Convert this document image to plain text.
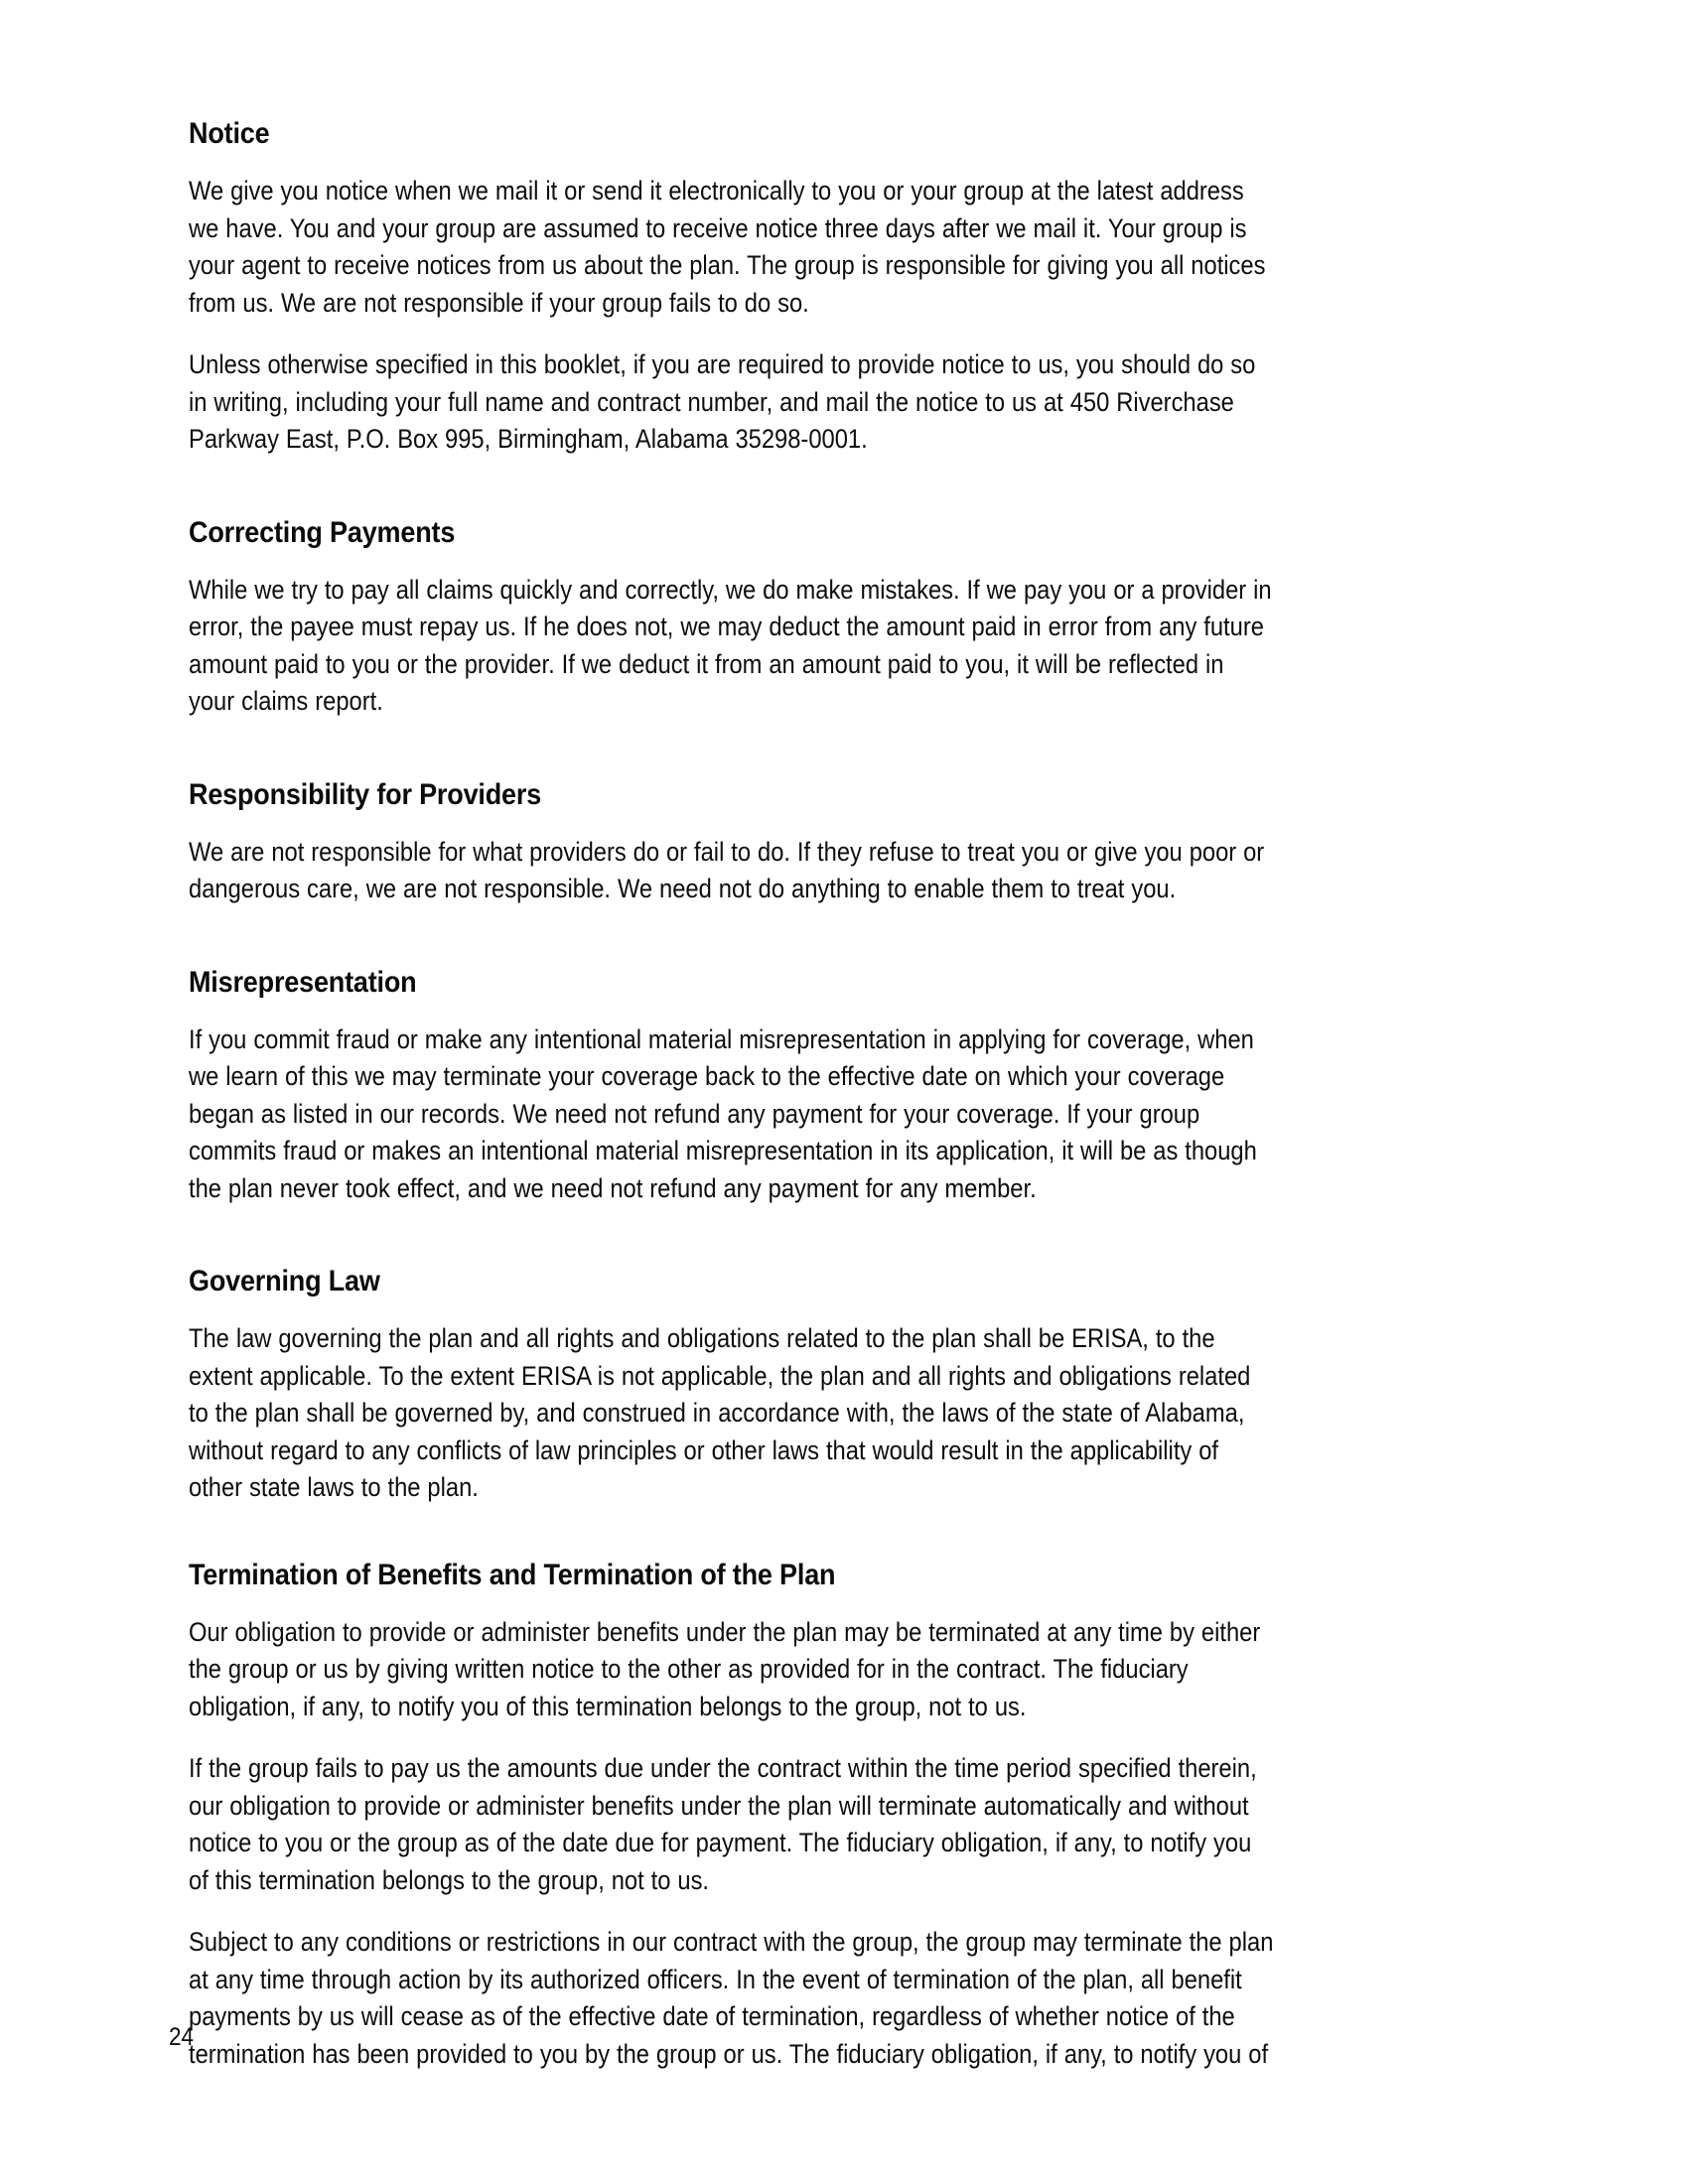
Notice

We give you notice when we mail it or send it electronically to you or your group at the latest address we have. You and your group are assumed to receive notice three days after we mail it. Your group is your agent to receive notices from us about the plan. The group is responsible for giving you all notices from us. We are not responsible if your group fails to do so.

Unless otherwise specified in this booklet, if you are required to provide notice to us, you should do so in writing, including your full name and contract number, and mail the notice to us at 450 Riverchase Parkway East, P.O. Box 995, Birmingham, Alabama 35298-0001.

Correcting Payments

While we try to pay all claims quickly and correctly, we do make mistakes. If we pay you or a provider in error, the payee must repay us. If he does not, we may deduct the amount paid in error from any future amount paid to you or the provider. If we deduct it from an amount paid to you, it will be reflected in your claims report.

Responsibility for Providers

We are not responsible for what providers do or fail to do. If they refuse to treat you or give you poor or dangerous care, we are not responsible. We need not do anything to enable them to treat you.

Misrepresentation

If you commit fraud or make any intentional material misrepresentation in applying for coverage, when we learn of this we may terminate your coverage back to the effective date on which your coverage began as listed in our records. We need not refund any payment for your coverage. If your group commits fraud or makes an intentional material misrepresentation in its application, it will be as though the plan never took effect, and we need not refund any payment for any member.

Governing Law

The law governing the plan and all rights and obligations related to the plan shall be ERISA, to the extent applicable. To the extent ERISA is not applicable, the plan and all rights and obligations related to the plan shall be governed by, and construed in accordance with, the laws of the state of Alabama, without regard to any conflicts of law principles or other laws that would result in the applicability of other state laws to the plan.

Termination of Benefits and Termination of the Plan

Our obligation to provide or administer benefits under the plan may be terminated at any time by either the group or us by giving written notice to the other as provided for in the contract. The fiduciary obligation, if any, to notify you of this termination belongs to the group, not to us.

If the group fails to pay us the amounts due under the contract within the time period specified therein, our obligation to provide or administer benefits under the plan will terminate automatically and without notice to you or the group as of the date due for payment. The fiduciary obligation, if any, to notify you of this termination belongs to the group, not to us.

Subject to any conditions or restrictions in our contract with the group, the group may terminate the plan at any time through action by its authorized officers. In the event of termination of the plan, all benefit payments by us will cease as of the effective date of termination, regardless of whether notice of the termination has been provided to you by the group or us. The fiduciary obligation, if any, to notify you of

24
